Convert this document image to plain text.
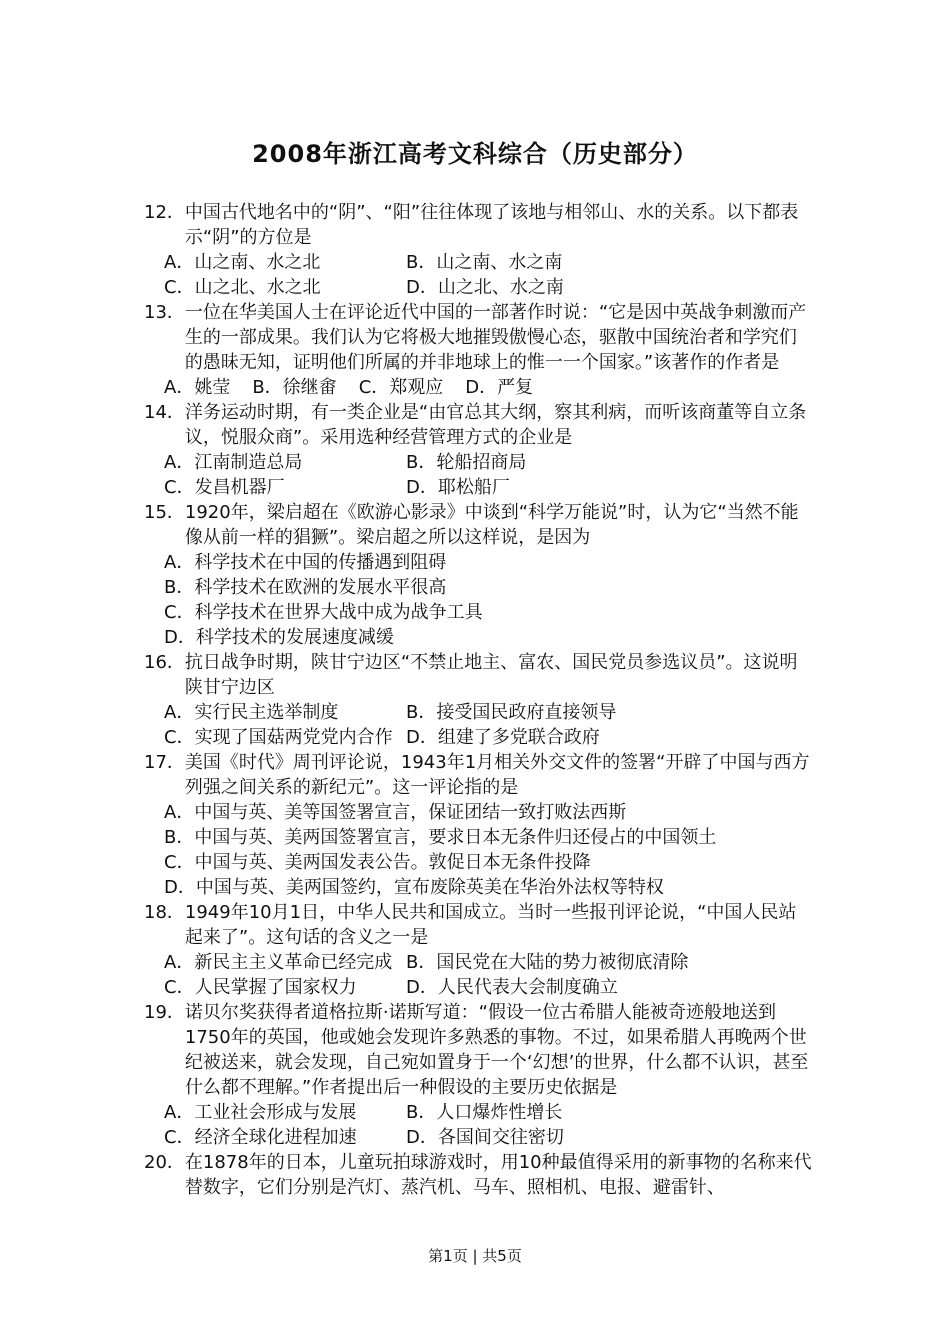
2008年浙江高考文科综合（历史部分）
12． 中国古代地名中的“阴”、“阳”往往体现了该地与相邻山、水的关系。以下都表示“阴”的方位是
A．山之南、水之北	B．山之南、水之南
C．山之北、水之北	D．山之北、水之南
13． 一位在华美国人士在评论近代中国的一部著作时说：“它是因中英战争刺激而产生的一部成果。我们认为它将极大地摧毁傲慢心态，驱散中国统治者和学究们的愚昧无知，证明他们所属的并非地球上的惟一一个国家。”该著作的作者是
A．姚莹 B．徐继畬 C．郑观应 D．严复
14． 洋务运动时期，有一类企业是“由官总其大纲，察其利病，而听该商董等自立条议，悦服众商”。采用选种经营管理方式的企业是
A．江南制造总局	B．轮船招商局
C．发昌机器厂	D．耶松船厂
15． 1920年，梁启超在《欧游心影录》中谈到“科学万能说”时，认为它“当然不能像从前一样的猖獗”。梁启超之所以这样说，是因为
A．科学技术在中国的传播遇到阻碍
B．科学技术在欧洲的发展水平很高
C．科学技术在世界大战中成为战争工具
D．科学技术的发展速度减缓
16． 抗日战争时期，陕甘宁边区“不禁止地主、富农、国民党员参选议员”。这说明陕甘宁边区
A．实行民主选举制度	B．接受国民政府直接领导
C．实现了国菇两党党内合作 D．组建了多党联合政府
17． 美国《时代》周刊评论说，1943年1月相关外交文件的签署“开辟了中国与西方列强之间关系的新纪元”。这一评论指的是
A．中国与英、美等国签署宣言，保证团结一致打败法西斯
B．中国与英、美两国签署宣言，要求日本无条件归还侵占的中国领土
C．中国与英、美两国发表公告。敦促日本无条件投降
D．中国与英、美两国签约，宣布废除英美在华治外法权等特权
18． 1949年10月1日，中华人民共和国成立。当时一些报刊评论说，“中国人民站起来了”。这句话的含义之一是
A．新民主主义革命已经完成 B．国民党在大陆的势力被彻底清除
C．人民掌握了国家权力	D．人民代表大会制度确立
19． 诺贝尔奖获得者道格拉斯·诺斯写道：“假设一位古希腊人能被奇迹般地送到1750年的英国，他或她会发现许多熟悉的事物。不过，如果希腊人再晚两个世纪被送来，就会发现，自己宛如置身于一个‘幻想’的世界，什么都不认识，甚至什么都不理解。”作者提出后一种假设的主要历史依据是
A．工业社会形成与发展	B．人口爆炸性增长
C．经济全球化进程加速	D．各国间交往密切
20． 在1878年的日本，儿童玩拍球游戏时，用10种最值得采用的新事物的名称来代替数字，它们分别是汽灯、蒸汽机、马车、照相机、电报、避雷针、
第1页 | 共5页
